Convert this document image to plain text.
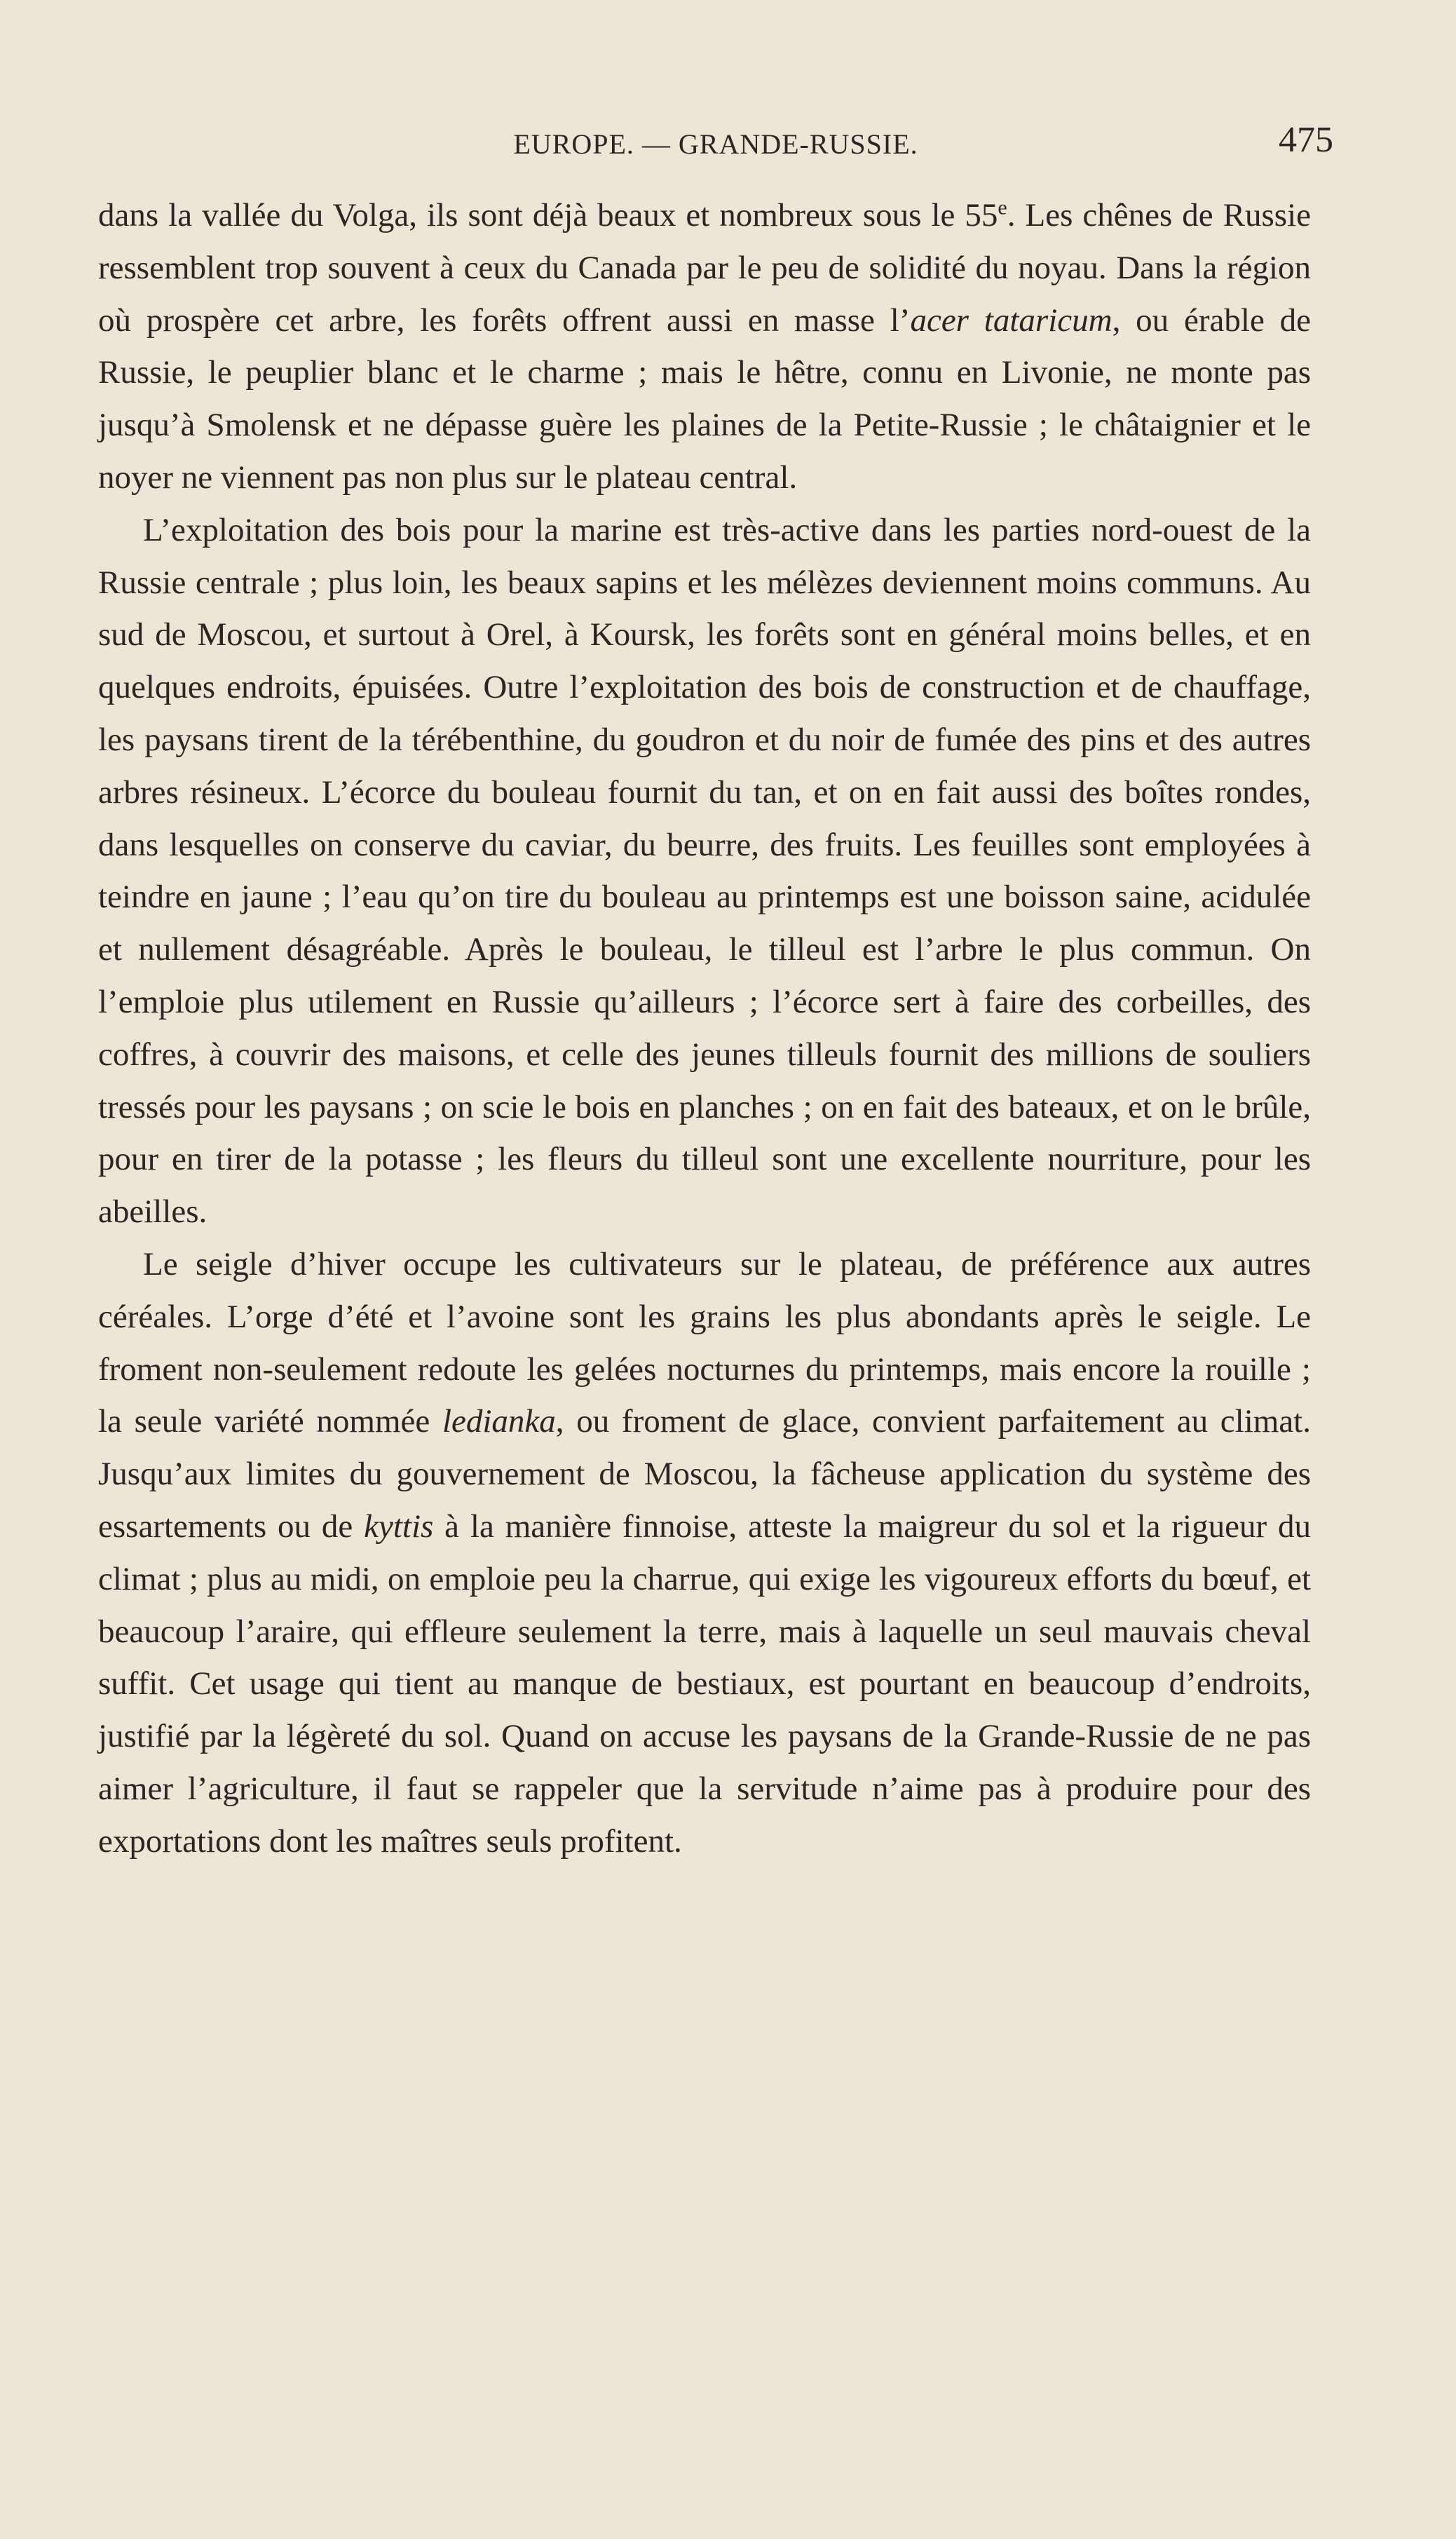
EUROPE. — GRANDE-RUSSIE.	475

dans la vallée du Volga, ils sont déjà beaux et nombreux sous le 55e. Les chênes de Russie ressemblent trop souvent à ceux du Canada par le peu de solidité du noyau. Dans la région où prospère cet arbre, les forêts offrent aussi en masse l’acer tataricum, ou érable de Russie, le peuplier blanc et le charme ; mais le hêtre, connu en Livonie, ne monte pas jusqu’à Smolensk et ne dépasse guère les plaines de la Petite-Russie ; le châtaignier et le noyer ne viennent pas non plus sur le plateau central.

L’exploitation des bois pour la marine est très-active dans les parties nord-ouest de la Russie centrale ; plus loin, les beaux sapins et les mélèzes deviennent moins communs. Au sud de Moscou, et surtout à Orel, à Koursk, les forêts sont en général moins belles, et en quelques endroits, épuisées. Outre l’exploitation des bois de construction et de chauffage, les paysans tirent de la térébenthine, du goudron et du noir de fumée des pins et des autres arbres résineux. L’écorce du bouleau fournit du tan, et on en fait aussi des boîtes rondes, dans lesquelles on conserve du caviar, du beurre, des fruits. Les feuilles sont employées à teindre en jaune ; l’eau qu’on tire du bouleau au printemps est une boisson saine, acidulée et nullement désagréable. Après le bouleau, le tilleul est l’arbre le plus commun. On l’emploie plus utilement en Russie qu’ailleurs ; l’écorce sert à faire des corbeilles, des coffres, à couvrir des maisons, et celle des jeunes tilleuls fournit des millions de souliers tressés pour les paysans ; on scie le bois en planches ; on en fait des bateaux, et on le brûle, pour en tirer de la potasse ; les fleurs du tilleul sont une excellente nourriture, pour les abeilles.

Le seigle d’hiver occupe les cultivateurs sur le plateau, de préférence aux autres céréales. L’orge d’été et l’avoine sont les grains les plus abondants après le seigle. Le froment non-seulement redoute les gelées nocturnes du printemps, mais encore la rouille ; la seule variété nommée ledianka, ou froment de glace, convient parfaitement au climat. Jusqu’aux limites du gouvernement de Moscou, la fâcheuse application du système des essartements ou de kyttis à la manière finnoise, atteste la maigreur du sol et la rigueur du climat ; plus au midi, on emploie peu la charrue, qui exige les vigoureux efforts du bœuf, et beaucoup l’araire, qui effleure seulement la terre, mais à laquelle un seul mauvais cheval suffit. Cet usage qui tient au manque de bestiaux, est pourtant en beaucoup d’endroits, justifié par la légèreté du sol. Quand on accuse les paysans de la Grande-Russie de ne pas aimer l’agriculture, il faut se rappeler que la servitude n’aime pas à produire pour des exportations dont les maîtres seuls profitent.
